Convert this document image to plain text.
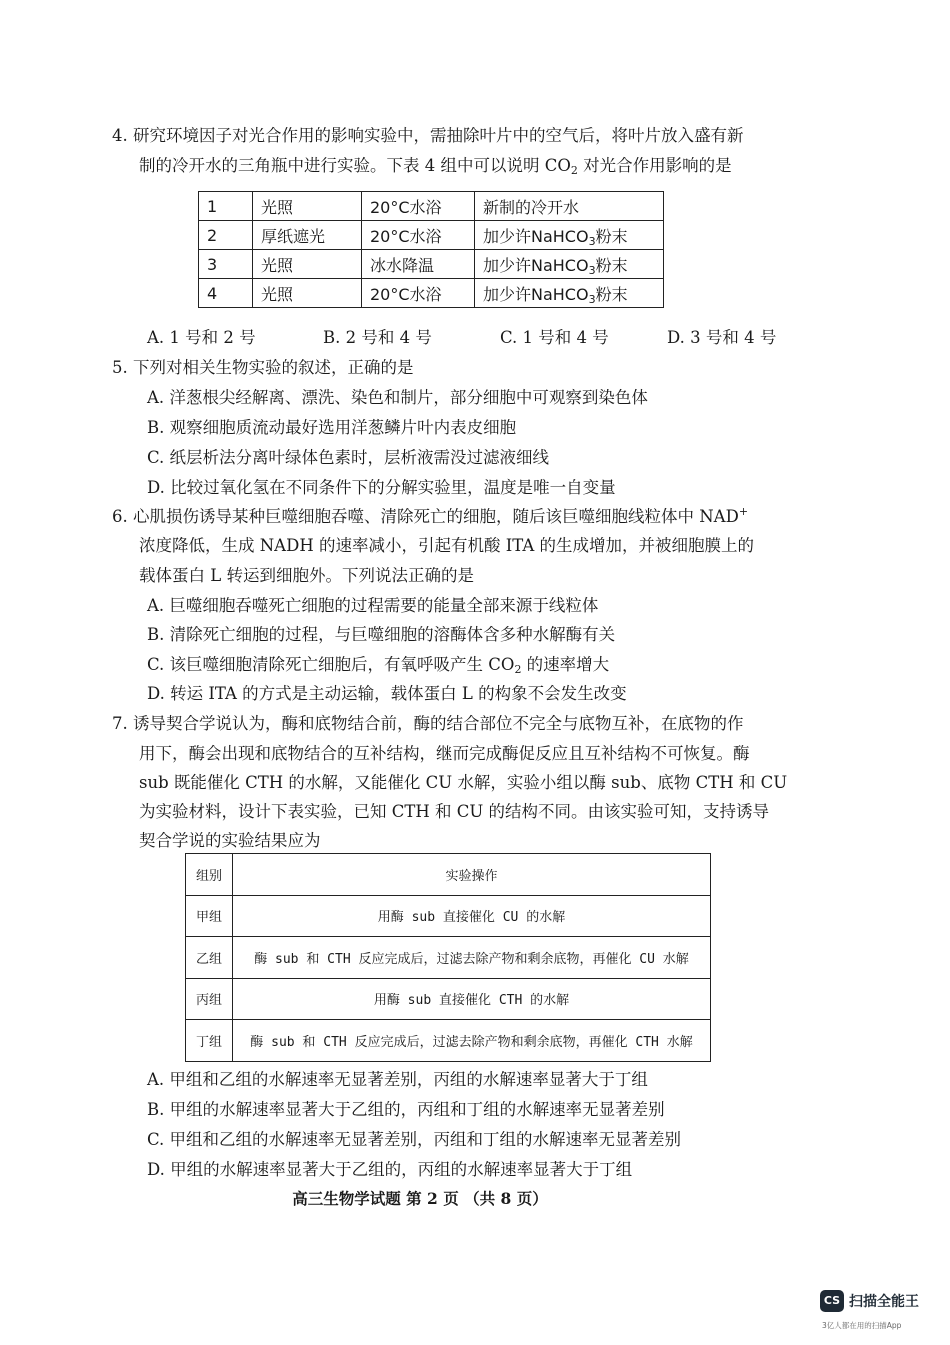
4. 研究环境因子对光合作用的影响实验中，需抽除叶片中的空气后，将叶片放入盛有新
制的冷开水的三角瓶中进行实验。下表 4 组中可以说明 $CO_2$ 对光合作用影响的是
1	光照	20°C水浴	新制的冷开水
2	厚纸遮光	20°C水浴	加少许NaHCO$_3$粉末
3	光照	冰水降温	加少许NaHCO$_3$粉末
4	光照	20°C水浴	加少许NaHCO$_3$粉末
A. 1 号和 2 号	B. 2 号和 4 号	C. 1 号和 4 号	D. 3 号和 4 号
5. 下列对相关生物实验的叙述，正确的是
A. 洋葱根尖经解离、漂洗、染色和制片，部分细胞中可观察到染色体
B. 观察细胞质流动最好选用洋葱鳞片叶内表皮细胞
C. 纸层析法分离叶绿体色素时，层析液需没过滤液细线
D. 比较过氧化氢在不同条件下的分解实验里，温度是唯一自变量
6. 心肌损伤诱导某种巨噬细胞吞噬、清除死亡的细胞，随后该巨噬细胞线粒体中 NAD+
浓度降低，生成 NADH 的速率减小，引起有机酸 ITA 的生成增加，并被细胞膜上的
载体蛋白 L 转运到细胞外。下列说法正确的是
A. 巨噬细胞吞噬死亡细胞的过程需要的能量全部来源于线粒体
B. 清除死亡细胞的过程，与巨噬细胞的溶酶体含多种水解酶有关
C. 该巨噬细胞清除死亡细胞后，有氧呼吸产生 $CO_2$ 的速率增大
D. 转运 ITA 的方式是主动运输，载体蛋白 L 的构象不会发生改变
7. 诱导契合学说认为，酶和底物结合前，酶的结合部位不完全与底物互补，在底物的作
用下，酶会出现和底物结合的互补结构，继而完成酶促反应且互补结构不可恢复。酶
sub 既能催化 CTH 的水解，又能催化 CU 水解，实验小组以酶 sub、底物 CTH 和 CU
为实验材料，设计下表实验，已知 CTH 和 CU 的结构不同。由该实验可知，支持诱导
契合学说的实验结果应为
组别	实验操作
甲组	用酶 sub 直接催化 CU 的水解
乙组	酶 sub 和 CTH 反应完成后，过滤去除产物和剩余底物，再催化 CU 水解
丙组	用酶 sub 直接催化 CTH 的水解
丁组	酶 sub 和 CTH 反应完成后，过滤去除产物和剩余底物，再催化 CTH 水解
A. 甲组和乙组的水解速率无显著差别，丙组的水解速率显著大于丁组
B. 甲组的水解速率显著大于乙组的，丙组和丁组的水解速率无显著差别
C. 甲组和乙组的水解速率无显著差别，丙组和丁组的水解速率无显著差别
D. 甲组的水解速率显著大于乙组的，丙组的水解速率显著大于丁组
高三生物学试题 第 2 页 （共 8 页）
CS 扫描全能王
3亿人都在用的扫描App
